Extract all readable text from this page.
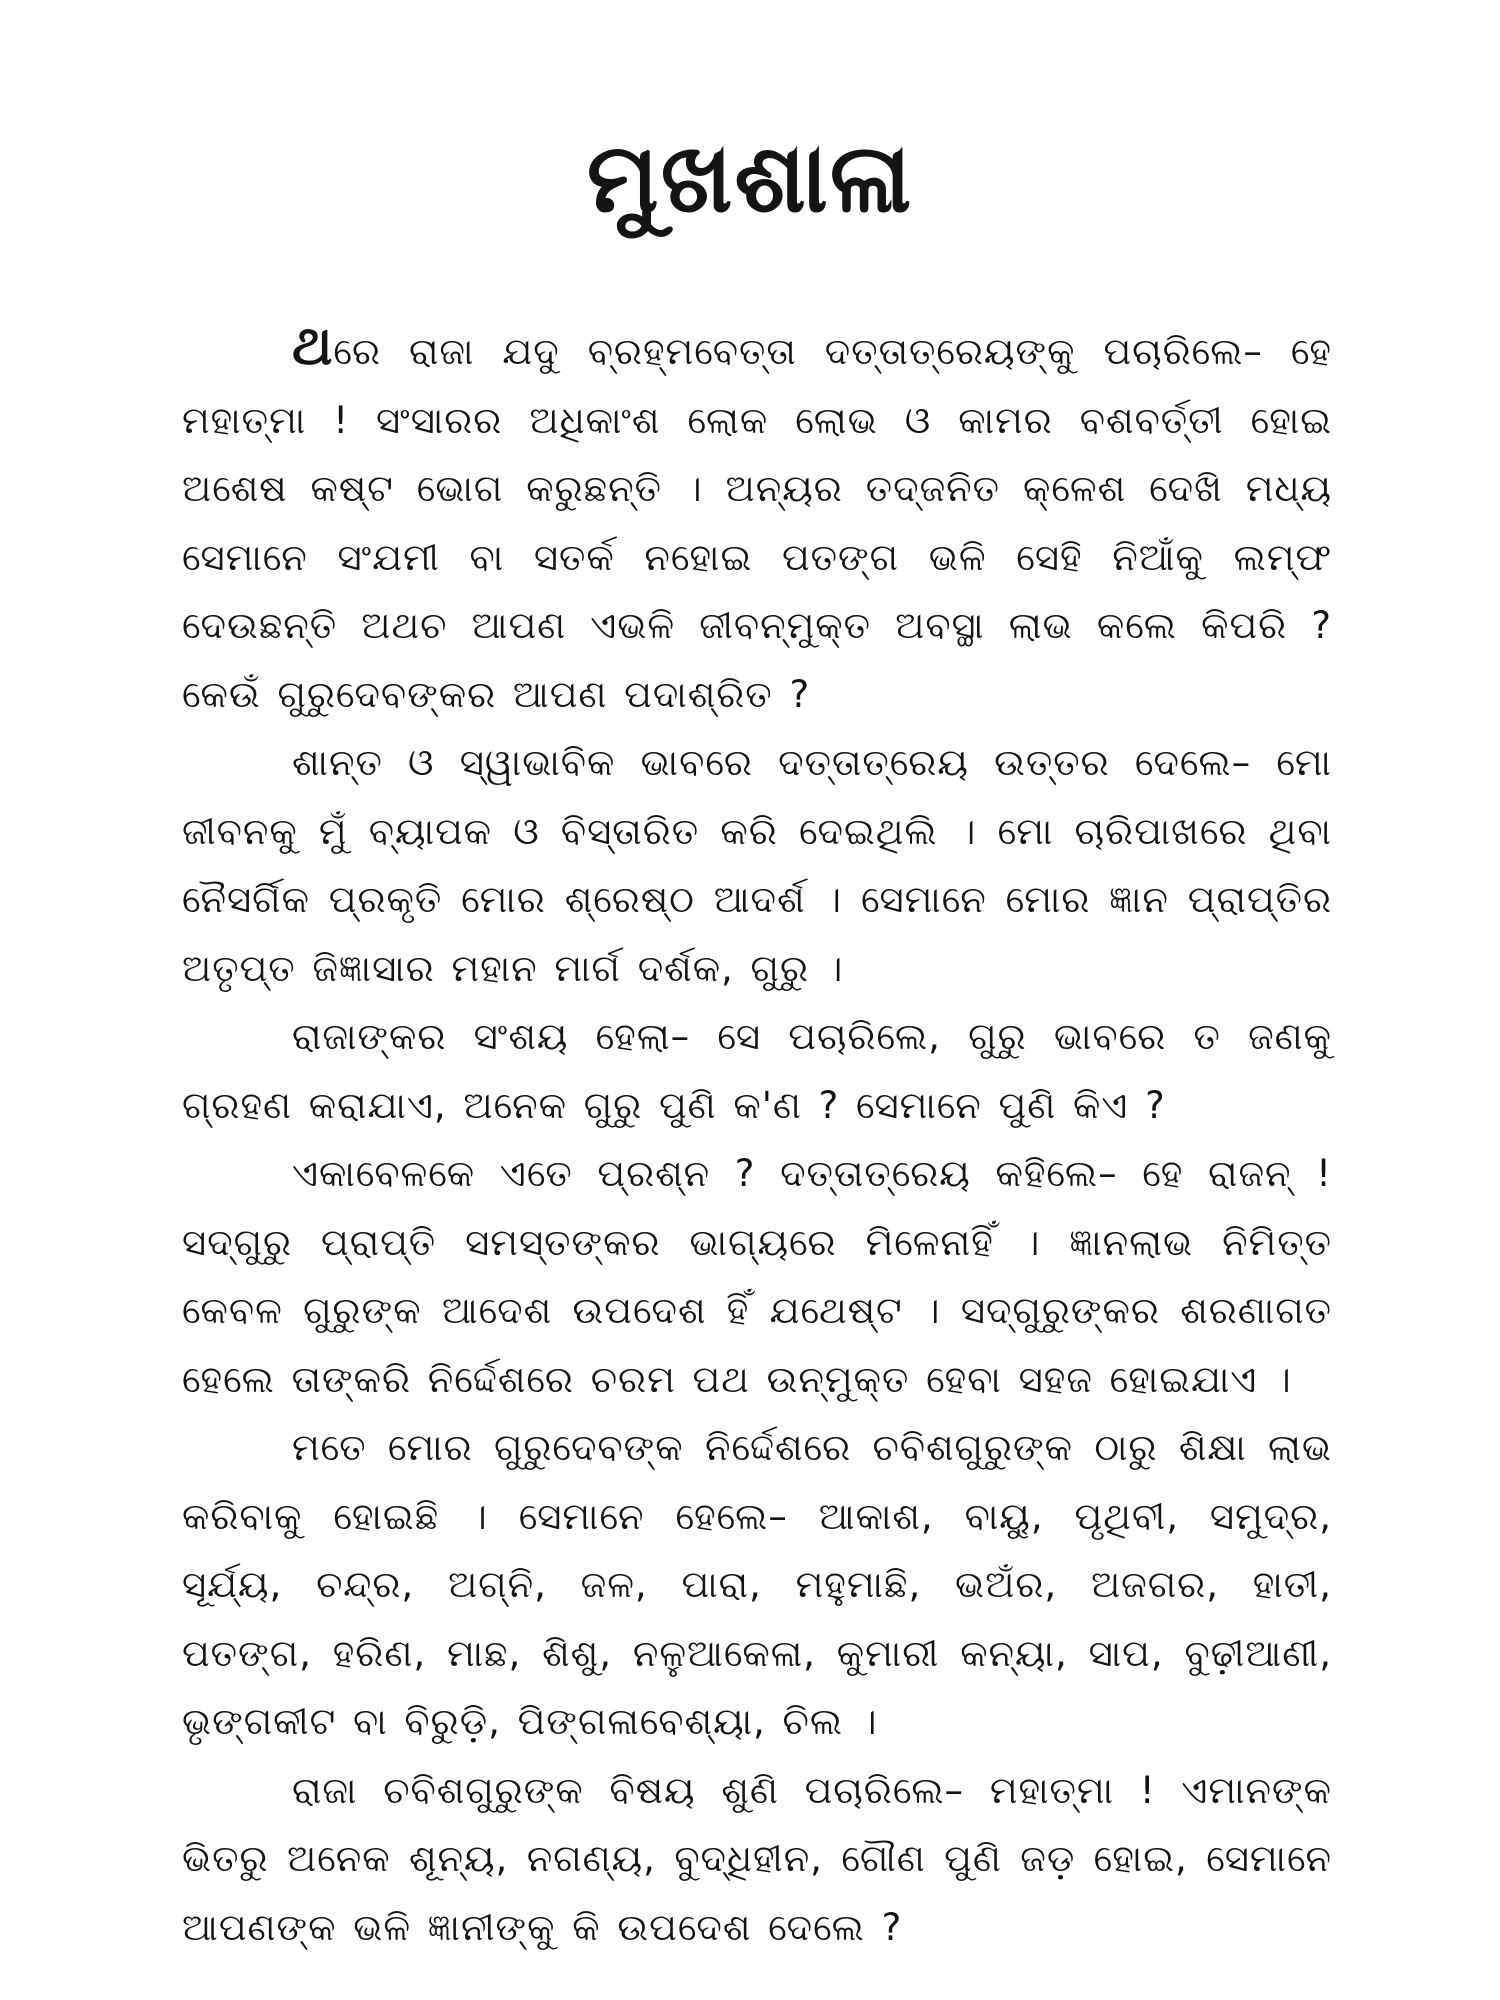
ମୁଖଶାଳା

ଥରେ ରାଜା ଯଦୁ ବ୍ରହ୍ମବେତ୍ତା ଦତ୍ତାତ୍ରେୟଙ୍କୁ ପଚାରିଲେ– ହେ ମହାତ୍ମା ! ସଂସାରର ଅଧିକାଂଶ ଲୋକ ଲୋଭ ଓ କାମର ବଶବର୍ତ୍ତୀ ହୋଇ ଅଶେଷ କଷ୍ଟ ଭୋଗ କରୁଛନ୍ତି । ଅନ୍ୟର ତଦ୍‌ଜନିତ କ୍ଳେଶ ଦେଖି ମଧ୍ୟ ସେମାନେ ସଂଯମୀ ବା ସତର୍କ ନହୋଇ ପତଙ୍ଗ ଭଳି ସେହି ନିଆଁକୁ ଲମ୍ଫ ଦେଉଛନ୍ତି ଅଥଚ ଆପଣ ଏଭଳି ଜୀବନ୍ମୁକ୍ତ ଅବସ୍ଥା ଲାଭ କଲେ କିପରି ? କେଉଁ ଗୁରୁଦେବଙ୍କର ଆପଣ ପଦାଶ୍ରିତ ?

ଶାନ୍ତ ଓ ସ୍ୱାଭାବିକ ଭାବରେ ଦତ୍ତାତ୍ରେୟ ଉତ୍ତର ଦେଲେ– ମୋ ଜୀବନକୁ ମୁଁ ବ୍ୟାପକ ଓ ବିସ୍ତାରିତ କରି ଦେଇଥିଲି । ମୋ ଚାରିପାଖରେ ଥିବା ନୈସର୍ଗିକ ପ୍ରକୃତି ମୋର ଶ୍ରେଷ୍ଠ ଆଦର୍ଶ । ସେମାନେ ମୋର ଜ୍ଞାନ ପ୍ରାପ୍ତିର ଅତୃପ୍ତ ଜିଜ୍ଞାସାର ମହାନ ମାର୍ଗ ଦର୍ଶକ, ଗୁରୁ ।

ରାଜାଙ୍କର ସଂଶୟ ହେଲା– ସେ ପଚାରିଲେ, ଗୁରୁ ଭାବରେ ତ ଜଣକୁ ଗ୍ରହଣ କରାଯାଏ, ଅନେକ ଗୁରୁ ପୁଣି କ'ଣ ? ସେମାନେ ପୁଣି କିଏ ?

ଏକାବେଳକେ ଏତେ ପ୍ରଶ୍ନ ? ଦତ୍ତାତ୍ରେୟ କହିଲେ– ହେ ରାଜନ୍ ! ସଦ୍‌ଗୁରୁ ପ୍ରାପ୍ତି ସମସ୍ତଙ୍କର ଭାଗ୍ୟରେ ମିଳେନାହିଁ । ଜ୍ଞାନଲାଭ ନିମିତ୍ତ କେବଳ ଗୁରୁଙ୍କ ଆଦେଶ ଉପଦେଶ ହିଁ ଯଥେଷ୍ଟ । ସଦ୍‌ଗୁରୁଙ୍କର ଶରଣାଗତ ହେଲେ ତାଙ୍କରି ନିର୍ଦ୍ଦେଶରେ ଚରମ ପଥ ଉନ୍ମୁକ୍ତ ହେବା ସହଜ ହୋଇଯାଏ ।

ମତେ ମୋର ଗୁରୁଦେବଙ୍କ ନିର୍ଦ୍ଦେଶରେ ଚବିଶଗୁରୁଙ୍କ ଠାରୁ ଶିକ୍ଷା ଲାଭ କରିବାକୁ ହୋଇଛି । ସେମାନେ ହେଲେ– ଆକାଶ, ବାୟୁ, ପୃଥିବୀ, ସମୁଦ୍ର, ସୂର୍ଯ୍ୟ, ଚନ୍ଦ୍ର, ଅଗ୍ନି, ଜଳ, ପାରା, ମହୁମାଛି, ଭଅଁର, ଅଜଗର, ହାତୀ, ପତଙ୍ଗ, ହରିଣ, ମାଛ, ଶିଶୁ, ନଳୁଆକେଳା, କୁମାରୀ କନ୍ୟା, ସାପ, ବୁଢ଼ୀଆଣୀ, ଭୃଙ୍ଗକୀଟ ବା ବିରୁଡ଼ି, ପିଙ୍ଗଳାବେଶ୍ୟା, ଚିଲ ।

ରାଜା ଚବିଶଗୁରୁଙ୍କ ବିଷୟ ଶୁଣି ପଚାରିଲେ– ମହାତ୍ମା ! ଏମାନଙ୍କ ଭିତରୁ ଅନେକ ଶୂନ୍ୟ, ନଗଣ୍ୟ, ବୁଦ୍ଧିହୀନ, ଗୌଣ ପୁଣି ଜଡ଼ ହୋଇ, ସେମାନେ ଆପଣଙ୍କ ଭଳି ଜ୍ଞାନୀଙ୍କୁ କି ଉପଦେଶ ଦେଲେ ?
